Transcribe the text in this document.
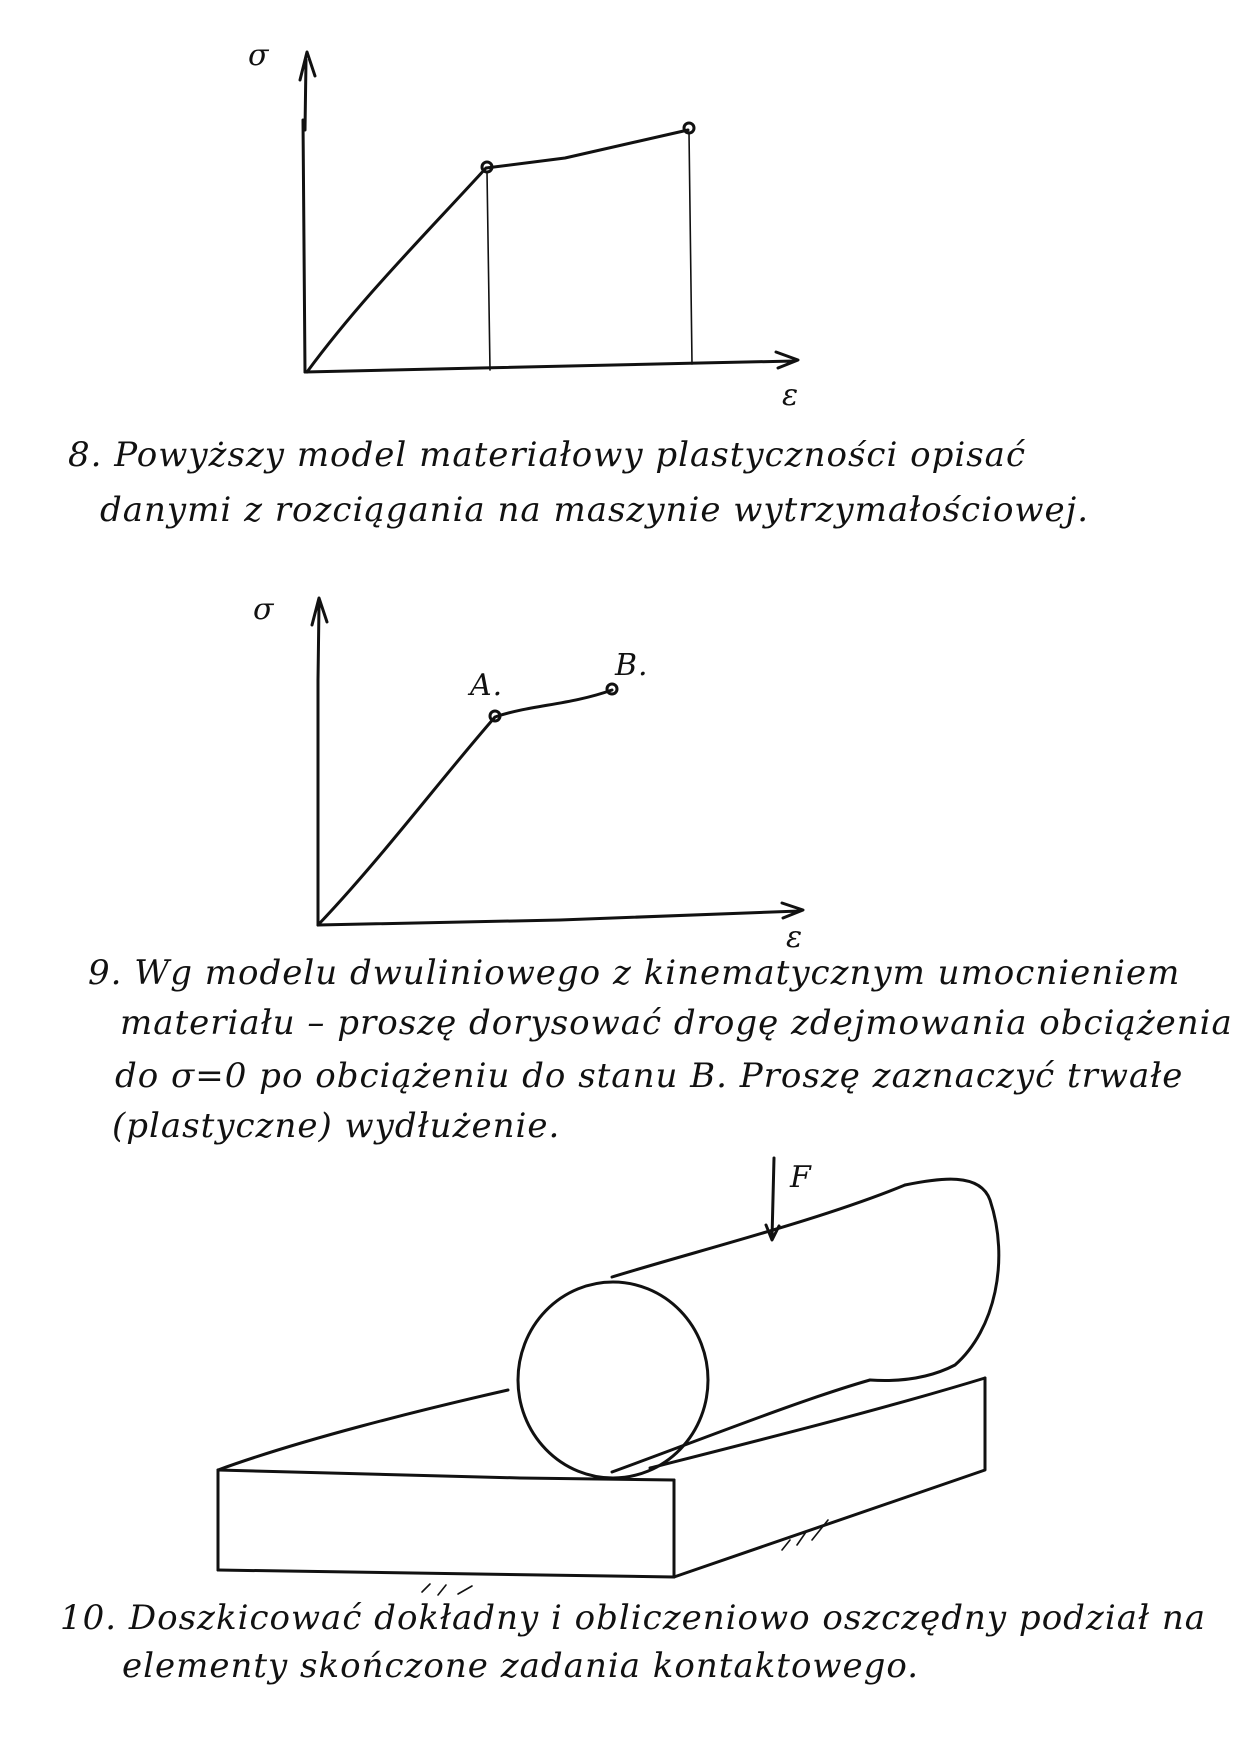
σ
ε
8. Powyższy model materiałowy plastyczności opisać
danymi z rozciągania na maszynie wytrzymałościowej.
σ
A.
B.
ε
9. Wg modelu dwuliniowego z kinematycznym umocnieniem
materiału – proszę dorysować drogę zdejmowania obciążenia
do σ=0 po obciążeniu do stanu B. Proszę zaznaczyć trwałe
(plastyczne) wydłużenie.
F
10. Doszkicować dokładny i obliczeniowo oszczędny podział na
elementy skończone zadania kontaktowego.
